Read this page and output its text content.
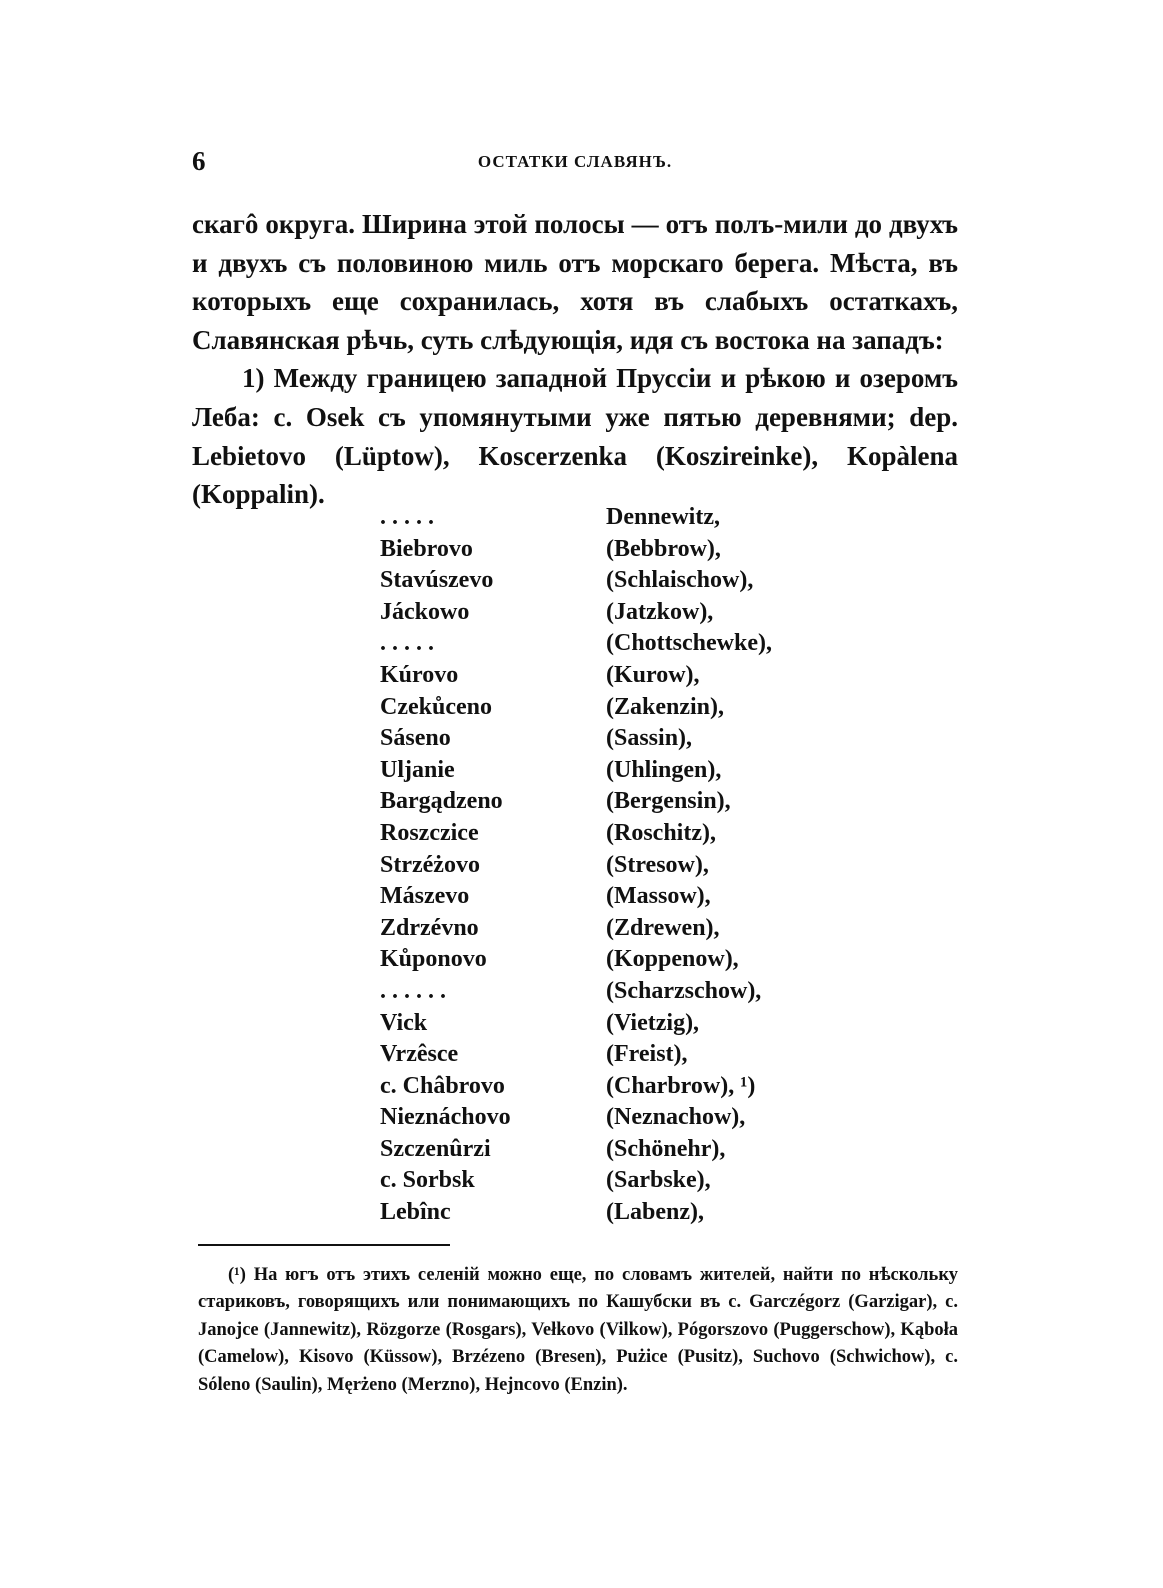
6	ОСТАТКИ СЛАВЯНЪ.

скагô округа. Ширина этой полосы — отъ полъ-мили до двухъ и двухъ съ половиною миль отъ морскаго берега. Мѣста, въ которыхъ еще сохранилась, хотя въ слабыхъ остаткахъ, Славянская рѣчь, суть слѣдующія, идя съ востока на западъ:

1) Между границею западной Пруссіи и рѣкою и озеромъ Леба: с. Osek съ упомянутыми уже пятью деревнями; dep. Lebietovo (Lüptow), Koscerzenka (Koszireinke), Kopàlena (Koppalin).

. . . . .	Dennewitz,
Biebrovo	(Bebbrow),
Stavúszevo	(Schlaischow),
Jáckowo	(Jatzkow),
. . . . .	(Chottschewke),
Kúrovo	(Kurow),
Czekůceno	(Zakenzin),
Sáseno	(Sassin),
Uljanie	(Uhlingen),
Bargądzeno	(Bergensin),
Roszczice	(Roschitz),
Strzéżovo	(Stresow),
Mászevo	(Massow),
Zdrzévno	(Zdrewen),
Kůponovo	(Koppenow),
. . . . . .	(Scharzschow),
Vick	(Vietzig),
Vrzêsce	(Freist),
c. Châbrovo	(Charbrow), ¹)
Nieznáchovo	(Neznachow),
Szczenûrzi	(Schönehr),
c. Sorbsk	(Sarbske),
Lebînc	(Labenz),
(¹) На югъ отъ этихъ селеній можно еще, по словамъ жителей, найти по нѣскольку стариковъ, говорящихъ или понимающихъ по Кашубски въ с. Garczégorz (Garzigar), c. Janojce (Jannewitz), Rözgorze (Rosgars), Vełkovo (Vilkow), Pógorszovo (Puggerschow), Kąboła (Camelow), Kisovo (Küssow), Brzézeno (Bresen), Pużice (Pusitz), Suchovo (Schwichow), c. Sóleno (Saulin), Męrżeno (Merzno), Hejncovo (Enzin).
